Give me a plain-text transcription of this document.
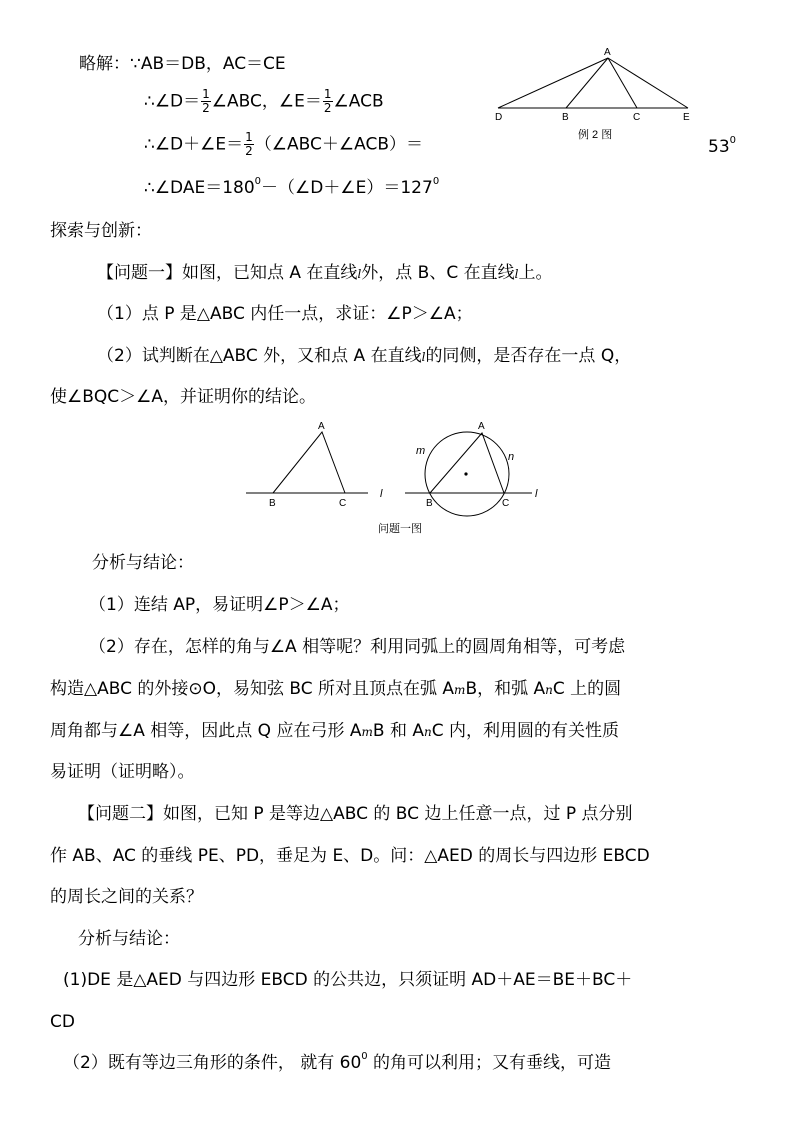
略解：∵AB＝DB，AC＝CE
∴∠D＝ $\frac{1}{2}$ ∠ABC，∠E＝ $\frac{1}{2}$ ∠ACB
∴∠D＋∠E＝ $\frac{1}{2}$ （∠ABC＋∠ACB）＝	$53^0$
$\therefore\angle DAE=180^0-(\angle D+\angle E)=127^0$
A
D	B	C	E
例 2 图
探索与创新：
【问题一】如图，已知点 A 在直线l外，点 B、C 在直线l上。
（1）点 P 是△ABC 内任一点，求证：∠P＞∠A；
（2）试判断在△ABC 外，又和点 A 在直线l的同侧，是否存在一点 Q，
使∠BQC＞∠A，并证明你的结论。
A
B	C
l
A
B	C
l
m	n
问题一图
分析与结论：
（1）连结 AP，易证明∠P＞∠A；
（2）存在，怎样的角与∠A 相等呢？利用同弧上的圆周角相等，可考虑
构造△ABC 的外接⊙O，易知弦 BC 所对且顶点在弧 AmB，和弧 AnC 上的圆
周角都与∠A 相等，因此点 Q 应在弓形 AmB 和 AnC 内，利用圆的有关性质
易证明（证明略）。
【问题二】如图，已知 P 是等边△ABC 的 BC 边上任意一点，过 P 点分别
作 AB、AC 的垂线 PE、PD，垂足为 E、D。问：△AED 的周长与四边形 EBCD
的周长之间的关系？
分析与结论：
(1)DE 是△AED 与四边形 EBCD 的公共边，只须证明 AD＋AE＝BE＋BC＋
CD
（2）既有等边三角形的条件， 就有 $60^0$ 的角可以利用；又有垂线，可造
